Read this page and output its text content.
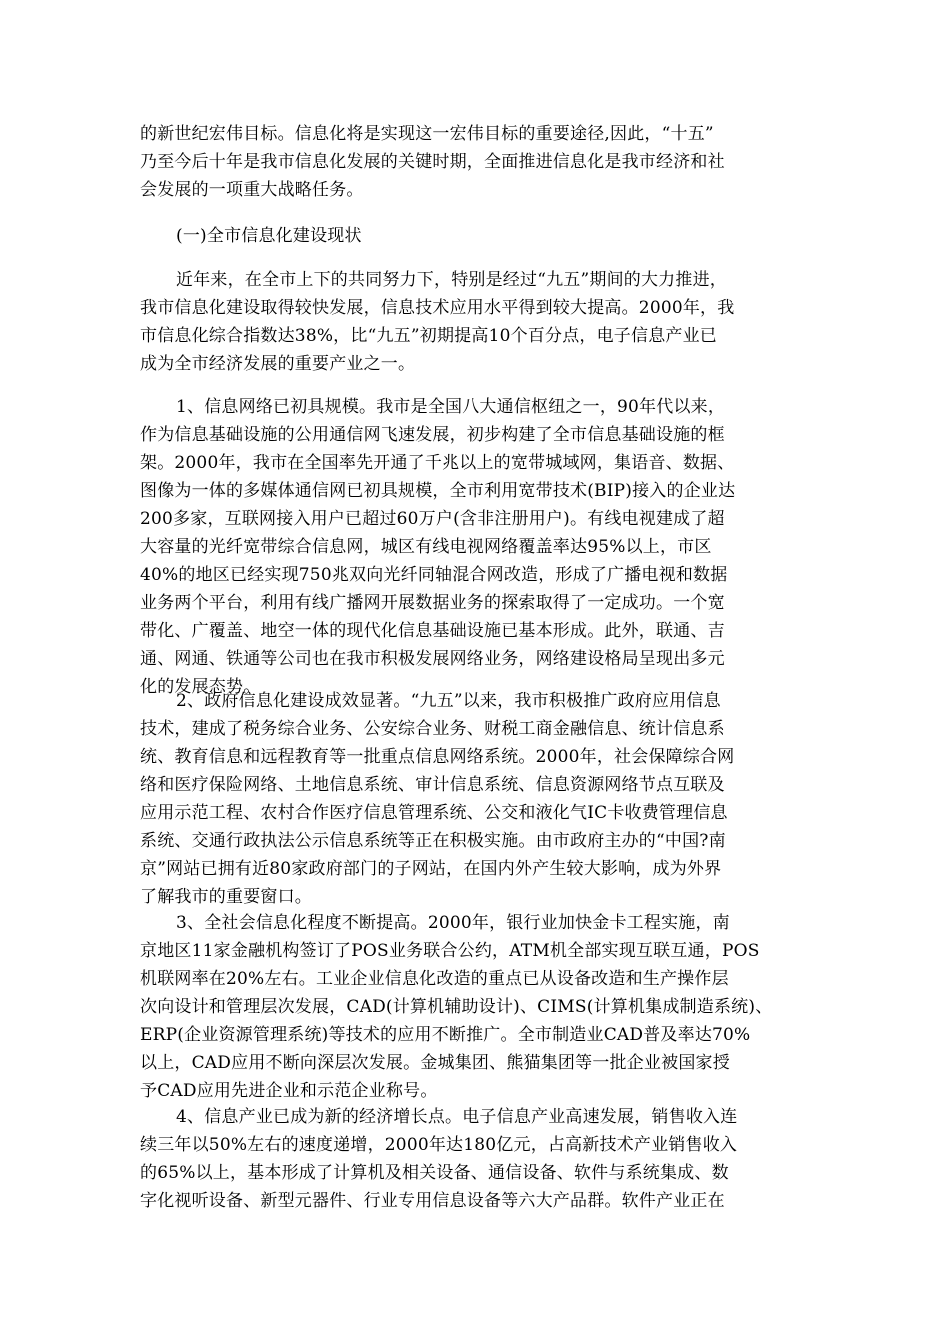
的新世纪宏伟目标。信息化将是实现这一宏伟目标的重要途径,因此，“十五”
乃至今后十年是我市信息化发展的关键时期，全面推进信息化是我市经济和社
会发展的一项重大战略任务。

(一)全市信息化建设现状

近年来，在全市上下的共同努力下，特别是经过“九五”期间的大力推进，
我市信息化建设取得较快发展，信息技术应用水平得到较大提高。2000年，我
市信息化综合指数达38%，比“九五”初期提高10个百分点，电子信息产业已
成为全市经济发展的重要产业之一。

1、信息网络已初具规模。我市是全国八大通信枢纽之一，90年代以来，
作为信息基础设施的公用通信网飞速发展，初步构建了全市信息基础设施的框
架。2000年，我市在全国率先开通了千兆以上的宽带城域网，集语音、数据、
图像为一体的多媒体通信网已初具规模，全市利用宽带技术(BIP)接入的企业达
200多家，互联网接入用户已超过60万户(含非注册用户)。有线电视建成了超
大容量的光纤宽带综合信息网，城区有线电视网络覆盖率达95%以上，市区
40%的地区已经实现750兆双向光纤同轴混合网改造，形成了广播电视和数据
业务两个平台，利用有线广播网开展数据业务的探索取得了一定成功。一个宽
带化、广覆盖、地空一体的现代化信息基础设施已基本形成。此外，联通、吉
通、网通、铁通等公司也在我市积极发展网络业务，网络建设格局呈现出多元
化的发展态势。

2、政府信息化建设成效显著。“九五”以来，我市积极推广政府应用信息
技术，建成了税务综合业务、公安综合业务、财税工商金融信息、统计信息系
统、教育信息和远程教育等一批重点信息网络系统。2000年，社会保障综合网
络和医疗保险网络、土地信息系统、审计信息系统、信息资源网络节点互联及
应用示范工程、农村合作医疗信息管理系统、公交和液化气IC卡收费管理信息
系统、交通行政执法公示信息系统等正在积极实施。由市政府主办的“中国?南
京”网站已拥有近80家政府部门的子网站，在国内外产生较大影响，成为外界
了解我市的重要窗口。

3、全社会信息化程度不断提高。2000年，银行业加快金卡工程实施，南
京地区11家金融机构签订了POS业务联合公约，ATM机全部实现互联互通，POS
机联网率在20%左右。工业企业信息化改造的重点已从设备改造和生产操作层
次向设计和管理层次发展，CAD(计算机辅助设计)、CIMS(计算机集成制造系统)、
ERP(企业资源管理系统)等技术的应用不断推广。全市制造业CAD普及率达70%
以上，CAD应用不断向深层次发展。金城集团、熊猫集团等一批企业被国家授
予CAD应用先进企业和示范企业称号。

4、信息产业已成为新的经济增长点。电子信息产业高速发展，销售收入连
续三年以50%左右的速度递增，2000年达180亿元，占高新技术产业销售收入
的65%以上，基本形成了计算机及相关设备、通信设备、软件与系统集成、数
字化视听设备、新型元器件、行业专用信息设备等六大产品群。软件产业正在
